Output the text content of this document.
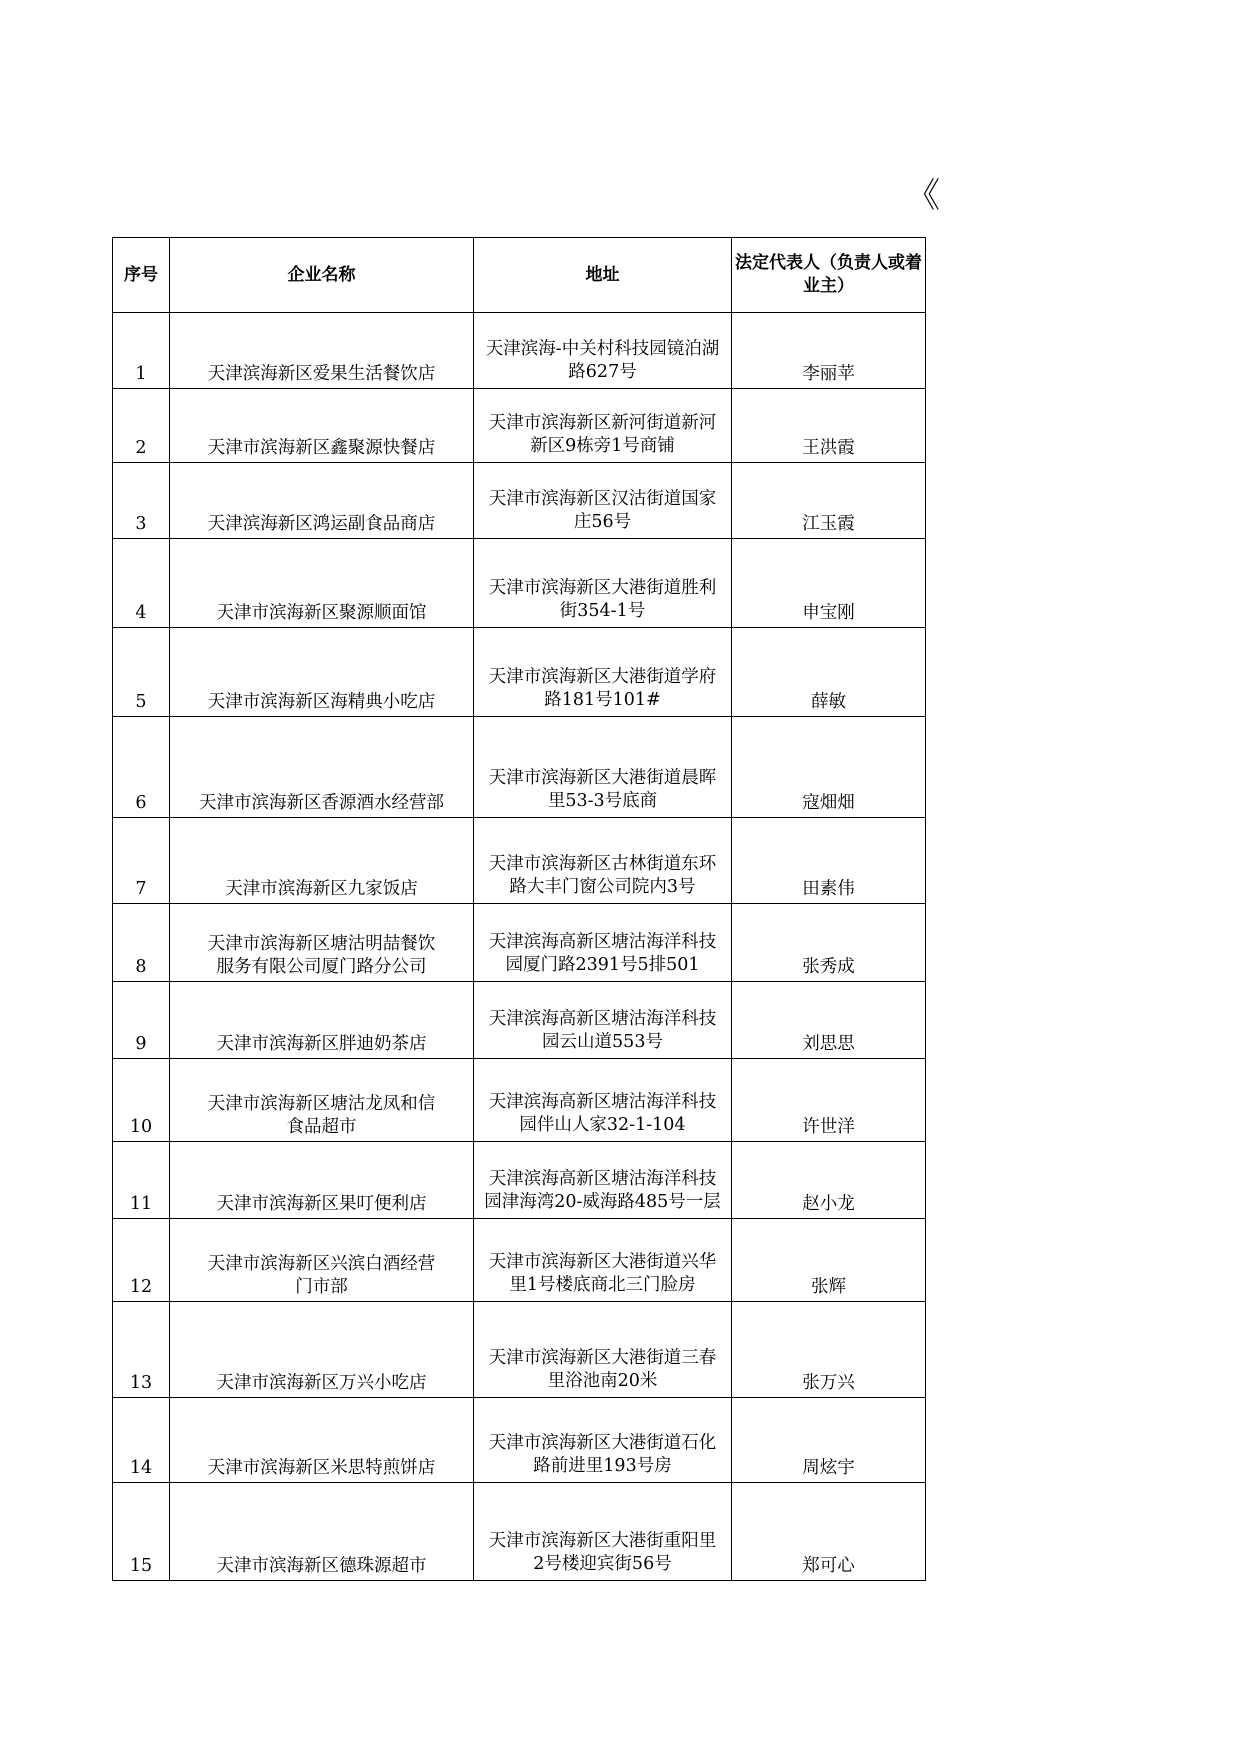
《
序号	企业名称	地址	法定代表人（负责人或着业主）

1	天津滨海新区爱果生活餐饮店	天津滨海-中关村科技园镜泊湖
路627号	李丽苹

2	天津市滨海新区鑫聚源快餐店	天津市滨海新区新河街道新河
新区9栋旁1号商铺	王洪霞

3	天津滨海新区鸿运副食品商店	天津市滨海新区汉沽街道国家
庄56号	江玉霞

4	天津市滨海新区聚源顺面馆	天津市滨海新区大港街道胜利
街354-1号	申宝刚

5	天津市滨海新区海精典小吃店	天津市滨海新区大港街道学府
路181号101#	薛敏

6	天津市滨海新区香源酒水经营部	天津市滨海新区大港街道晨晖
里53-3号底商	寇畑畑

7	天津市滨海新区九家饭店	天津市滨海新区古林街道东环
路大丰门窗公司院内3号	田素伟

8	天津市滨海新区塘沽明喆餐饮
服务有限公司厦门路分公司	天津滨海高新区塘沽海洋科技
园厦门路2391号5排501	张秀成

9	天津市滨海新区胖迪奶茶店	天津滨海高新区塘沽海洋科技
园云山道553号	刘思思

10	天津市滨海新区塘沽龙凤和信
食品超市	天津滨海高新区塘沽海洋科技
园伴山人家32-1-104	许世洋

11	天津市滨海新区果叮便利店	天津滨海高新区塘沽海洋科技
园津海湾20-威海路485号一层	赵小龙

12	天津市滨海新区兴滨白酒经营
门市部	天津市滨海新区大港街道兴华
里1号楼底商北三门脸房	张辉

13	天津市滨海新区万兴小吃店	天津市滨海新区大港街道三春
里浴池南20米	张万兴

14	天津市滨海新区米思特煎饼店	天津市滨海新区大港街道石化
路前进里193号房	周炫宇

15	天津市滨海新区德珠源超市	天津市滨海新区大港街重阳里
2号楼迎宾街56号	郑可心
